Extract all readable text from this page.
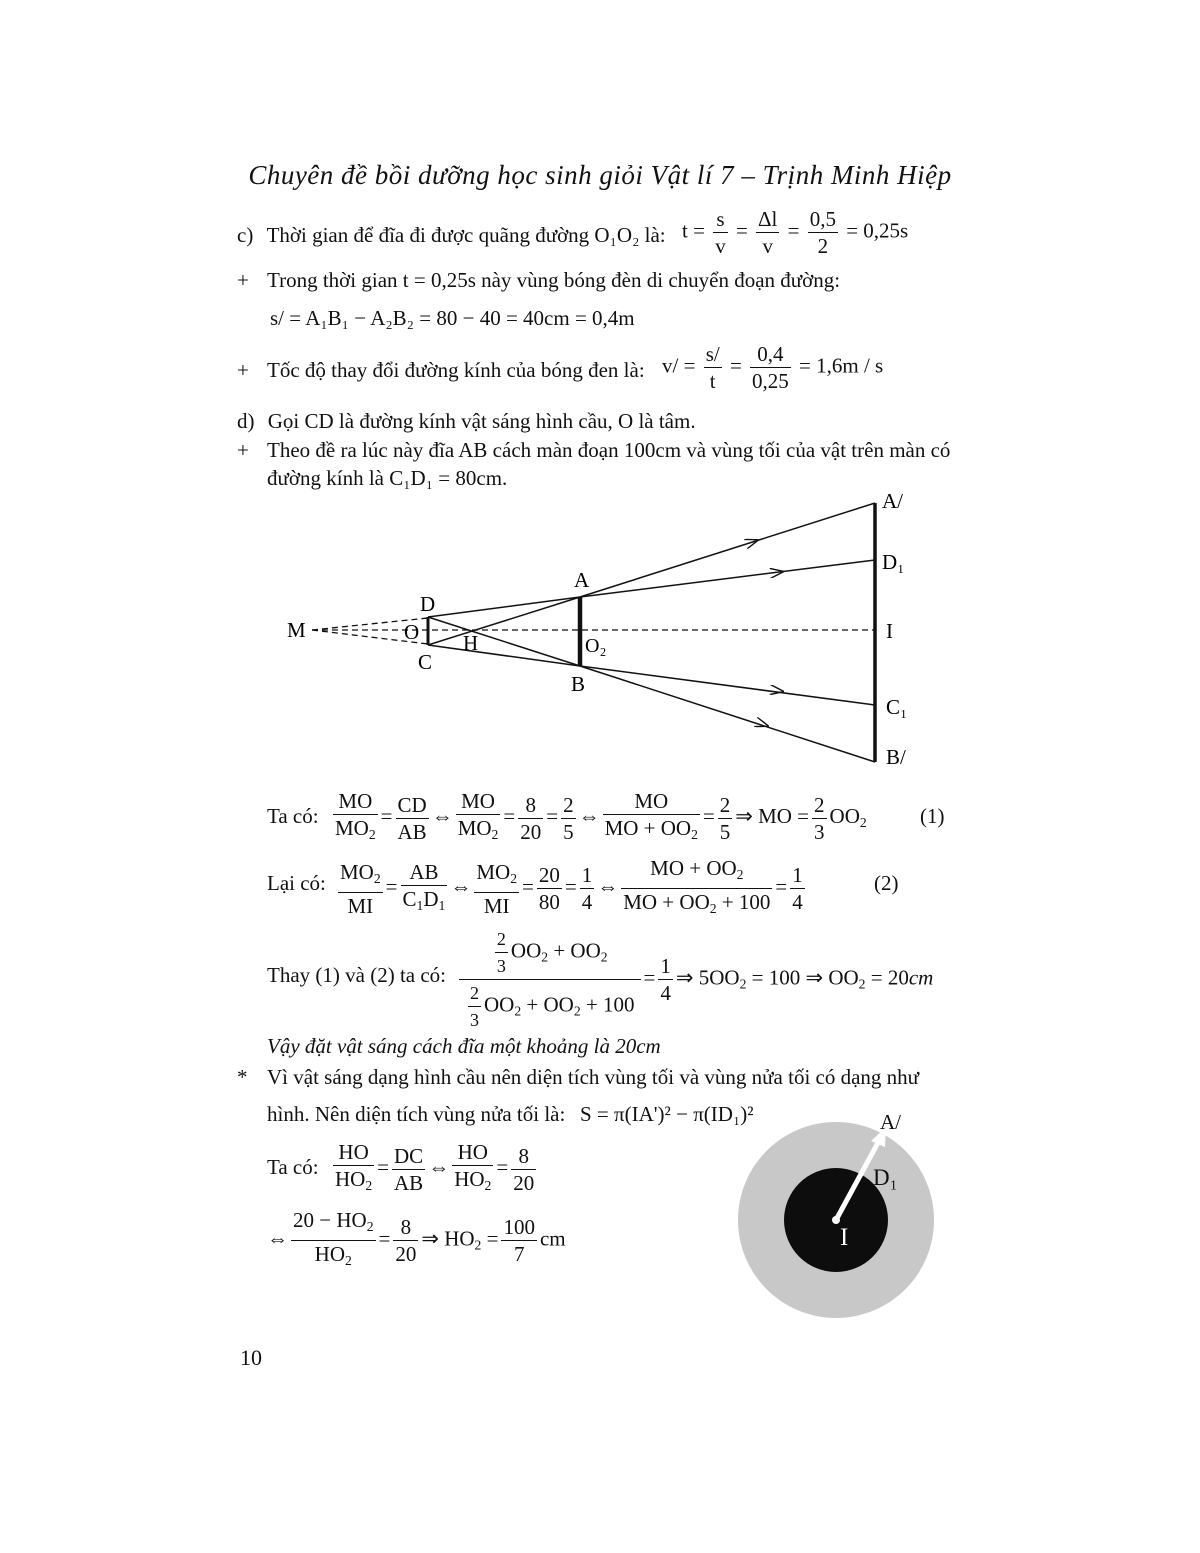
Chuyên đề bồi dưỡng học sinh giỏi Vật lí 7 – Trịnh Minh Hiệp
c) Thời gian để đĩa đi được quãng đường O₁O₂ là: $t = \frac{s}{v} = \frac{\Delta l}{v} = \frac{0,5}{2} = 0,25s$
+ Trong thời gian t = 0,25s này vùng bóng đèn di chuyển đoạn đường:
s/ = A₁B₁ − A₂B₂ = 80 − 40 = 40cm = 0,4m
+ Tốc độ thay đổi đường kính của bóng đen là: $v/ = \frac{s/}{t} = \frac{0,4}{0,25} = 1,6m / s$
d) Gọi CD là đường kính vật sáng hình cầu, O là tâm.
+ Theo đề ra lúc này đĩa AB cách màn đoạn 100cm và vùng tối của vật trên màn có
đường kính là C₁D₁ = 80cm.
M
D
O H
C
A
O₂
B
A/
D₁
I
C₁
B/
Ta có: $\frac{MO}{MO_2} = \frac{CD}{AB}$ ⇔ $\frac{MO}{MO_2} = \frac{8}{20} = \frac{2}{5}$ ⇔ $\frac{MO}{MO + OO_2} = \frac{2}{5}$ ⇒ MO = $\frac{2}{3} OO_2$	(1)
Lại có: $\frac{MO_2}{MI} = \frac{AB}{C_1D_1}$ ⇔ $\frac{MO_2}{MI} = \frac{20}{80} = \frac{1}{4}$ ⇔ $\frac{MO + OO_2}{MO + OO_2 + 100} = \frac{1}{4}$	(2)
Thay (1) và (2) ta có: $\frac{\frac{2}{3} OO_2 + OO_2}{\frac{2}{3} OO_2 + OO_2 + 100} = \frac{1}{4}$ ⇒ $5OO_2 = 100$ ⇒ $OO_2 = 20cm$
Vậy đặt vật sáng cách đĩa một khoảng là 20cm
* Vì vật sáng dạng hình cầu nên diện tích vùng tối và vùng nửa tối có dạng như
hình. Nên diện tích vùng nửa tối là: S = π(IA')² − π(ID₁)²
Ta có: $\frac{HO}{HO_2} = \frac{DC}{AB}$ ⇔ $\frac{HO}{HO_2} = \frac{8}{20}$
⇔ $\frac{20 - HO_2}{HO_2} = \frac{8}{20}$ ⇒ $HO_2 = \frac{100}{7}$ cm
A/
D₁
I
10
